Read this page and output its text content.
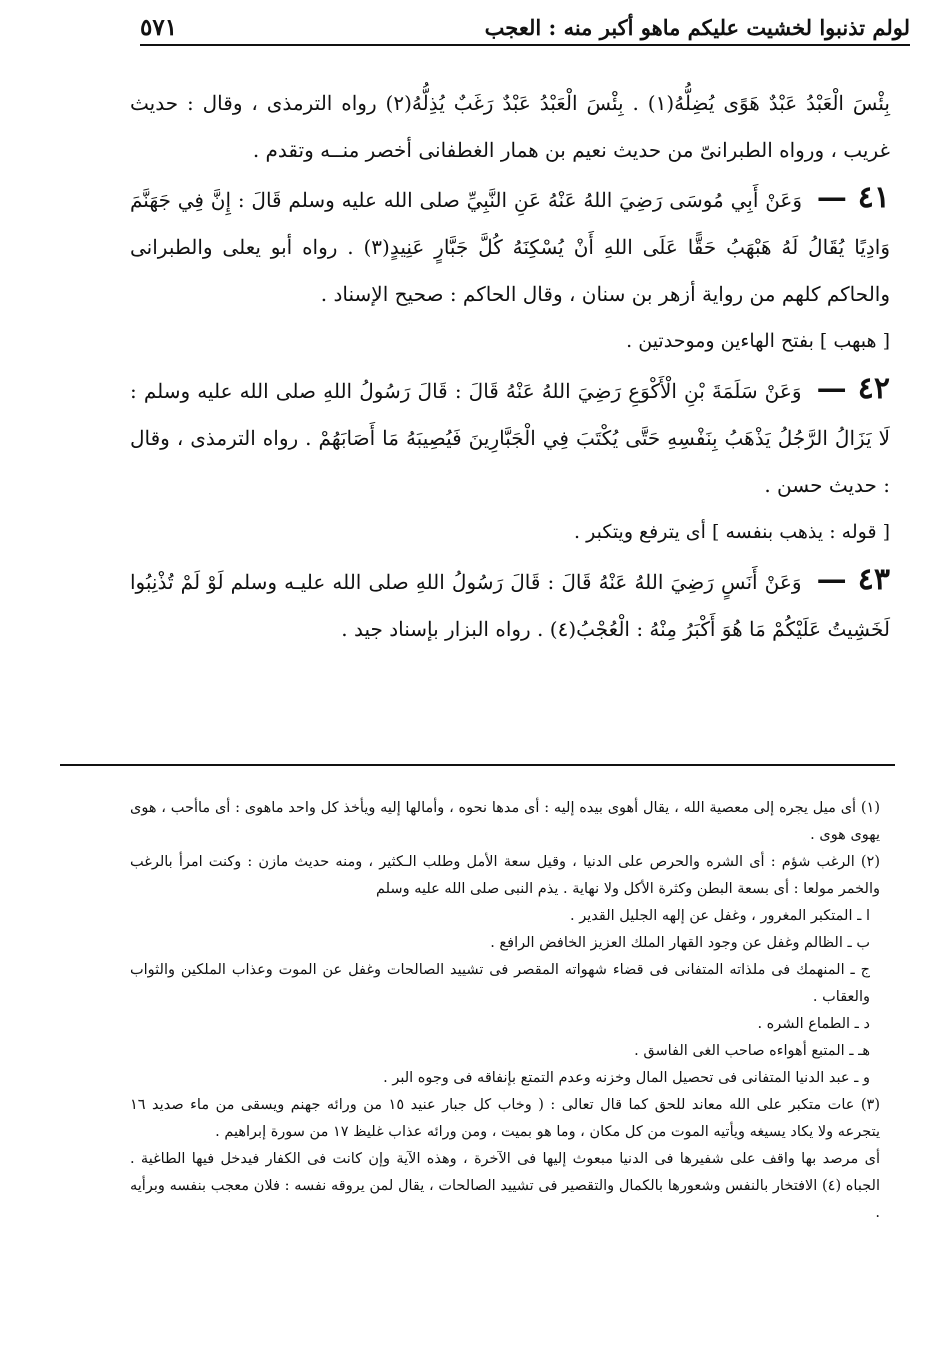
لولم تذنبوا لخشيت عليكم ماهو أكبر منه : العجب
٥٧١

بِئْسَ الْعَبْدُ عَبْدٌ هَوًى يُضِلُّهُ(١) . بِئْسَ الْعَبْدُ عَبْدٌ رَغَبٌ يُذِلُّهُ(٢) رواه الترمذى ، وقال : حديث غريب ، ورواه الطبرانىّ من حديث نعيم بن همار الغطفانى أخصر منــه وتقدم .

٤١ — وَعَنْ أَبِي مُوسَى رَضِيَ اللهُ عَنْهُ عَنِ النَّبِيِّ صلى الله عليه وسلم قَالَ : إِنَّ فِي جَهَنَّمَ وَادِيًا يُقَالُ لَهُ هَبْهَبُ حَقًّا عَلَى اللهِ أَنْ يُسْكِنَهُ كُلَّ جَبَّارٍ عَنِيدٍ(٣) . رواه أبو يعلى والطبرانى والحاكم كلهم من رواية أزهر بن سنان ، وقال الحاكم : صحيح الإسناد .

[ هبهب ] بفتح الهاءين وموحدتين .

٤٢ — وَعَنْ سَلَمَةَ بْنِ الْأَكْوَعِ رَضِيَ اللهُ عَنْهُ قَالَ : قَالَ رَسُولُ اللهِ صلى الله عليه وسلم : لَا يَزَالُ الرَّجُلُ يَذْهَبُ بِنَفْسِهِ حَتَّى يُكْتَبَ فِي الْجَبَّارِينَ فَيُصِيبَهُ مَا أَصَابَهُمْ . رواه الترمذى ، وقال : حديث حسن .

[ قوله : يذهب بنفسه ] أى يترفع ويتكبر .

٤٣ — وَعَنْ أَنَسٍ رَضِيَ اللهُ عَنْهُ قَالَ : قَالَ رَسُولُ اللهِ صلى الله عليـه وسلم لَوْ لَمْ تُذْنِبُوا لَخَشِيتُ عَلَيْكُمْ مَا هُوَ أَكْبَرُ مِنْهُ : الْعُجْبُ(٤) . رواه البزار بإسناد جيد .

(١) أى ميل يجره إلى معصية الله ، يقال أهوى بيده إليه : أى مدها نحوه ، وأمالها إليه ويأخذ كل واحد ماهوى : أى ماأحب ، هوى يهوى هوى .

(٢) الرغب شؤم : أى الشره والحرص على الدنيا ، وقيل سعة الأمل وطلب الـكثير ، ومنه حديث مازن : وكنت امرأ بالرغب والخمر مولعا : أى بسعة البطن وكثرة الأكل ولا نهاية . يذم النبى صلى الله عليه وسلم

ا ـ المتكبر المغرور ، وغفل عن إلهه الجليل القدير .

ب ـ الظالم وغفل عن وجود القهار الملك العزيز الخافض الرافع .

ج ـ المنهمك فى ملذاته المتفانى فى قضاء شهواته المقصر فى تشييد الصالحات وغفل عن الموت وعذاب الملكين والثواب والعقاب .

د ـ الطماع الشره .

هـ ـ المتبع أهواءه صاحب الغى الفاسق .

و ـ عبد الدنيا المتفانى فى تحصيل المال وخزنه وعدم التمتع بإنفاقه فى وجوه البر .

(٣) عات متكبر على الله معاند للحق كما قال تعالى : ( وخاب كل جبار عنيد ١٥ من ورائه جهنم ويسقى من ماء صديد ١٦ يتجرعه ولا يكاد يسيغه ويأتيه الموت من كل مكان ، وما هو بميت ، ومن ورائه عذاب غليظ ١٧ من سورة إبراهيم .

أى مرصد بها واقف على شفيرها فى الدنيا مبعوث إليها فى الآخرة ، وهذه الآية وإن كانت فى الكفار فيدخل فيها الطاغية . الجباه (٤) الافتخار بالنفس وشعورها بالكمال والتقصير فى تشييد الصالحات ، يقال لمن يروقه نفسه : فلان معجب بنفسه وبرأيه .
